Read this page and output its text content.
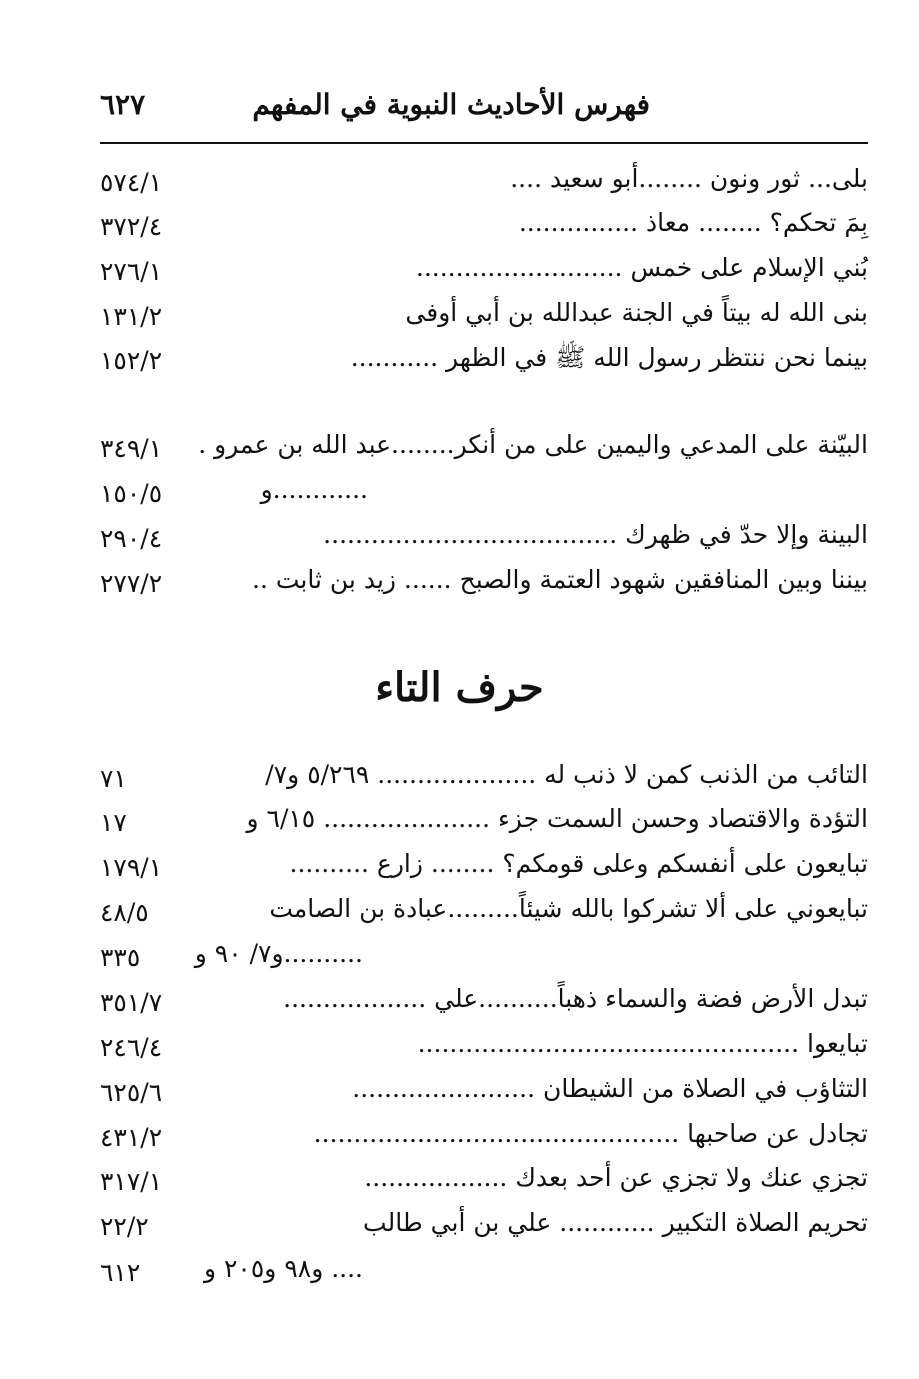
فهرس الأحاديث النبوية في المفهم
٦٢٧
بلى... ثور ونون ........أبو سعيد ....
٥٧٤/١
بِمَ تحكم؟ ........ معاذ ...............
٣٧٢/٤
بُني الإسلام على خمس ..........................
٢٧٦/١
بنى الله له بيتاً في الجنة عبدالله بن أبي أوفى
١٣١/٢
بينما نحن ننتظر رسول الله ﷺ في الظهر ...........
١٥٢/٢
البيّنة على المدعي واليمين على من أنكر........عبد الله بن عمرو .
٣٤٩/١
............و
١٥٠/٥
البينة وإلا حدّ في ظهرك .....................................
٢٩٠/٤
بيننا وبين المنافقين شهود العتمة والصبح ...... زيد بن ثابت ..
٢٧٧/٢
حرف التاء
التائب من الذنب كمن لا ذنب له .................... ٥/٢٦٩ و٧/
٧١
التؤدة والاقتصاد وحسن السمت جزء ..................... ٦/١٥ و
١٧
تبايعون على أنفسكم وعلى قومكم؟ ........ زارع ..........
١٧٩/١
تبايعوني على ألا تشركوا بالله شيئاً.........عبادة بن الصامت
٤٨/٥
..........و٧/ ٩٠ و
٣٣٥
تبدل الأرض فضة والسماء ذهباً..........علي ..................
٣٥١/٧
تبايعوا ................................................
٢٤٦/٤
التثاؤب في الصلاة من الشيطان .......................
٦٢٥/٦
تجادل عن صاحبها ..............................................
٤٣١/٢
تجزي عنك ولا تجزي عن أحد بعدك ..................
٣١٧/١
تحريم الصلاة التكبير ............ علي بن أبي طالب
٢٢/٢
.... و٩٨ و٢٠٥ و
٦١٢
